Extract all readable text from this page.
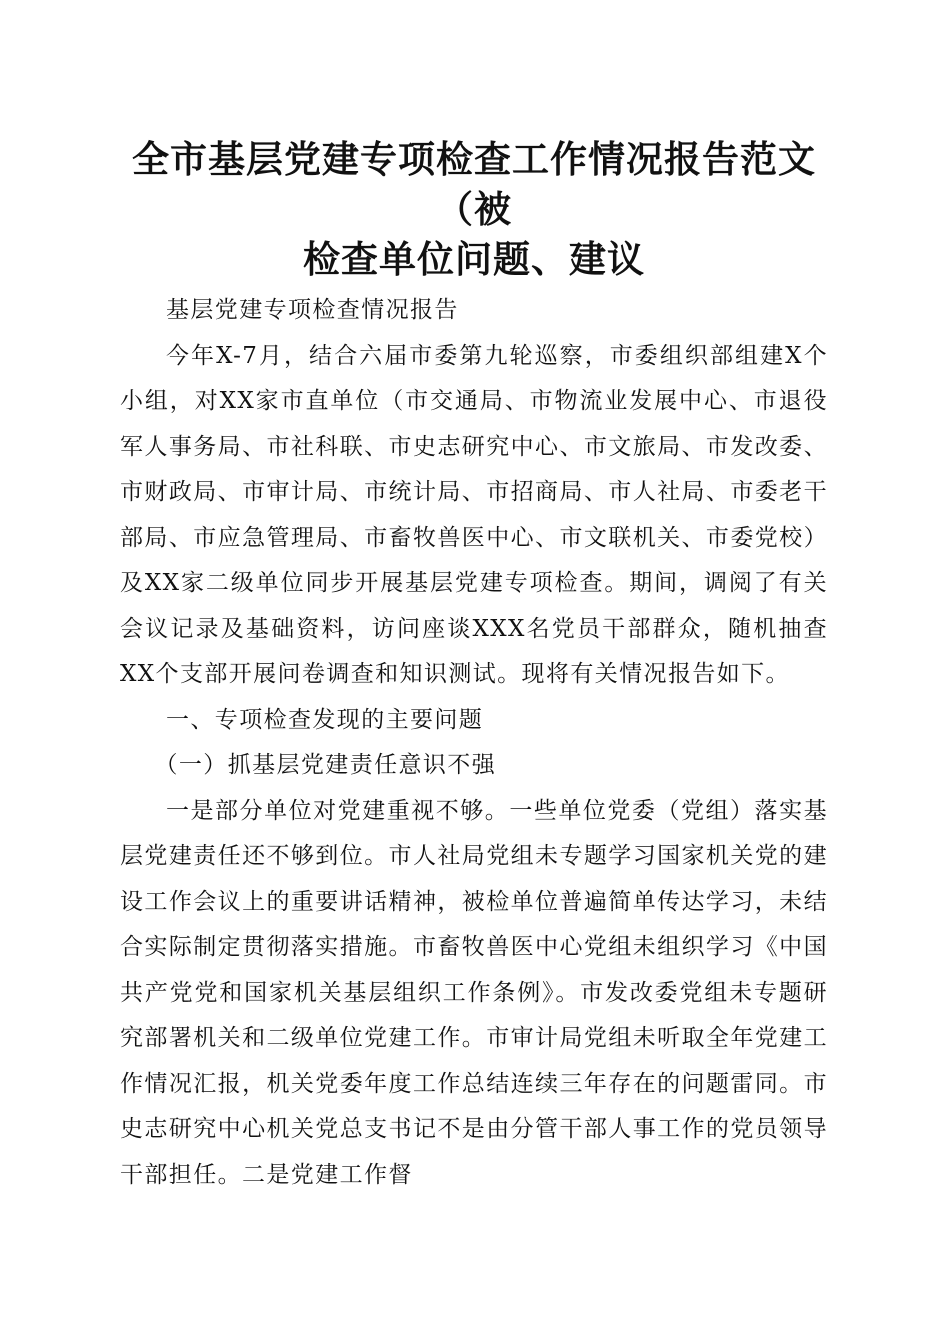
全市基层党建专项检查工作情况报告范文（被
检查单位问题、建议

基层党建专项检查情况报告

今年X-7月，结合六届市委第九轮巡察，市委组织部组建X个小组，对XX家市直单位（市交通局、市物流业发展中心、市退役军人事务局、市社科联、市史志研究中心、市文旅局、市发改委、市财政局、市审计局、市统计局、市招商局、市人社局、市委老干部局、市应急管理局、市畜牧兽医中心、市文联机关、市委党校）及XX家二级单位同步开展基层党建专项检查。期间，调阅了有关会议记录及基础资料，访问座谈XXX名党员干部群众，随机抽查XX个支部开展问卷调查和知识测试。现将有关情况报告如下。

一、专项检查发现的主要问题

（一）抓基层党建责任意识不强

一是部分单位对党建重视不够。一些单位党委（党组）落实基层党建责任还不够到位。市人社局党组未专题学习国家机关党的建设工作会议上的重要讲话精神，被检单位普遍简单传达学习，未结合实际制定贯彻落实措施。市畜牧兽医中心党组未组织学习《中国共产党党和国家机关基层组织工作条例》。市发改委党组未专题研究部署机关和二级单位党建工作。市审计局党组未听取全年党建工作情况汇报，机关党委年度工作总结连续三年存在的问题雷同。市史志研究中心机关党总支书记不是由分管干部人事工作的党员领导干部担任。二是党建工作督
